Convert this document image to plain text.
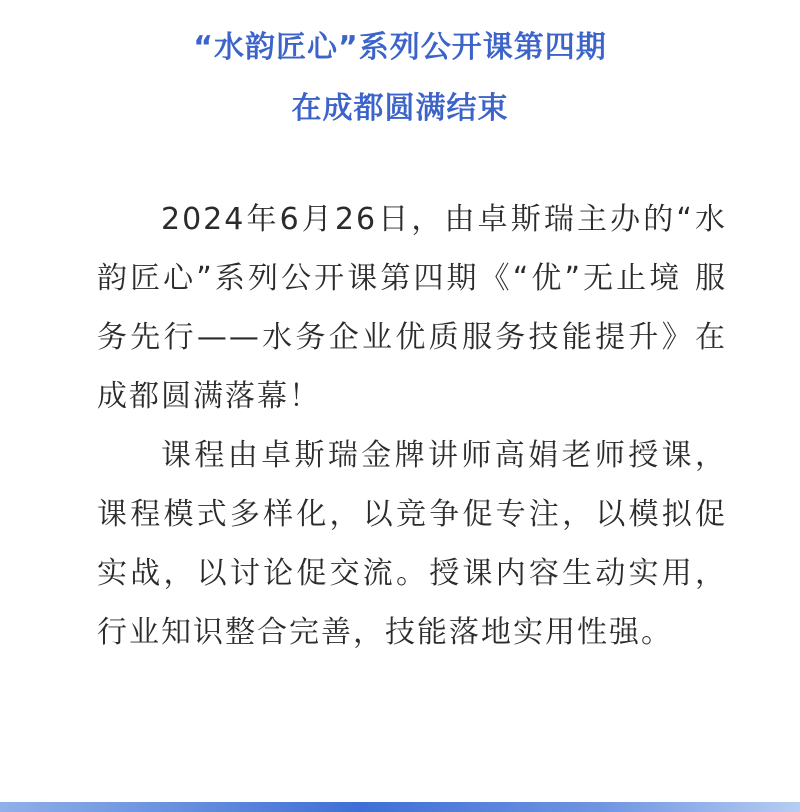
“水韵匠心”系列公开课第四期
在成都圆满结束

2024年6月26日，由卓斯瑞主办的“水韵匠心”系列公开课第四期《“优”无止境 服务先行——水务企业优质服务技能提升》在成都圆满落幕！

课程由卓斯瑞金牌讲师高娟老师授课，课程模式多样化，以竞争促专注，以模拟促实战，以讨论促交流。授课内容生动实用，行业知识整合完善，技能落地实用性强。
